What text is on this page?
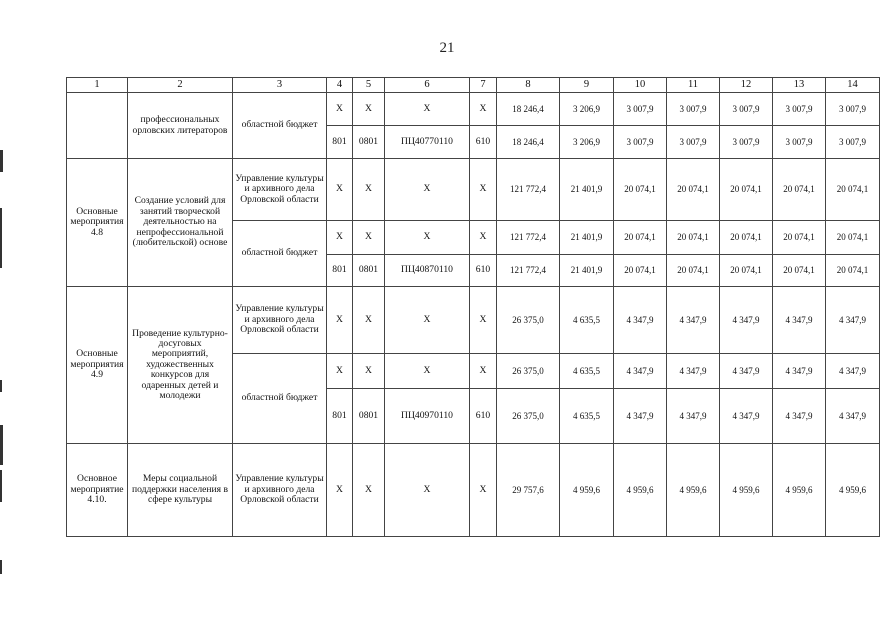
21
1	2	3	4	5	6	7	8	9	10	11	12	13	14
	профессиональных орловских литераторов	областной бюджет	Х	Х	Х	Х	18 246,4	3 206,9	3 007,9	3 007,9	3 007,9	3 007,9	3 007,9
			801	0801	ПЦ40770110	610	18 246,4	3 206,9	3 007,9	3 007,9	3 007,9	3 007,9	3 007,9
Основные мероприятия 4.8	Создание условий для занятий творческой деятельностью на непрофессиональной (любительской) основе	Управление культуры и архивного дела Орловской области	Х	Х	Х	Х	121 772,4	21 401,9	20 074,1	20 074,1	20 074,1	20 074,1	20 074,1
		областной бюджет	Х	Х	Х	Х	121 772,4	21 401,9	20 074,1	20 074,1	20 074,1	20 074,1	20 074,1
			801	0801	ПЦ40870110	610	121 772,4	21 401,9	20 074,1	20 074,1	20 074,1	20 074,1	20 074,1
Основные мероприятия 4.9	Проведение культурно-досуговых мероприятий, художественных конкурсов для одаренных детей и молодежи	Управление культуры и архивного дела Орловской области	Х	Х	Х	Х	26 375,0	4 635,5	4 347,9	4 347,9	4 347,9	4 347,9	4 347,9
		областной бюджет	Х	Х	Х	Х	26 375,0	4 635,5	4 347,9	4 347,9	4 347,9	4 347,9	4 347,9
			801	0801	ПЦ40970110	610	26 375,0	4 635,5	4 347,9	4 347,9	4 347,9	4 347,9	4 347,9
Основное мероприятие 4.10.	Меры социальной поддержки населения в сфере культуры	Управление культуры и архивного дела Орловской области	Х	Х	Х	Х	29 757,6	4 959,6	4 959,6	4 959,6	4 959,6	4 959,6	4 959,6
